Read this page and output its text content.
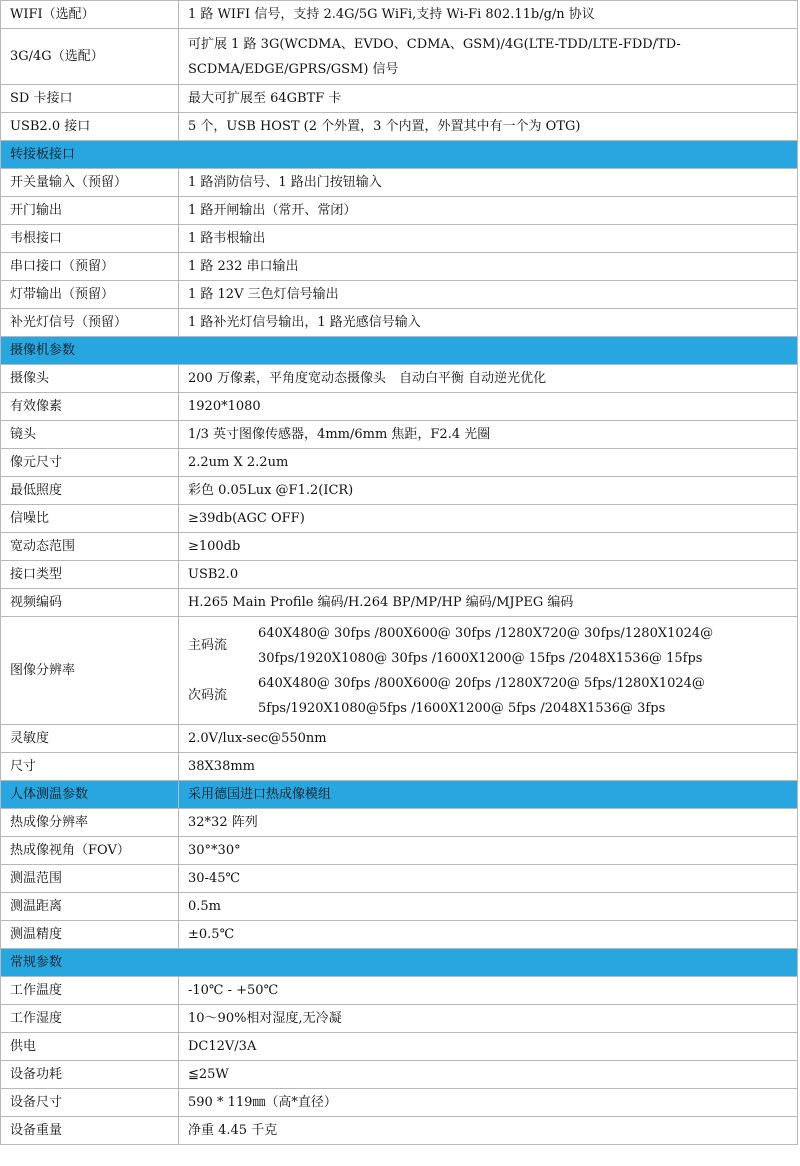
WIFI（选配）	1 路 WIFI 信号，支持 2.4G/5G WiFi,支持 Wi-Fi 802.11b/g/n 协议
3G/4G（选配）	可扩展 1 路 3G(WCDMA、EVDO、CDMA、GSM)/4G(LTE-TDD/LTE-FDD/TD-SCDMA/EDGE/GPRS/GSM) 信号
SD 卡接口	最大可扩展至 64GBTF 卡
USB2.0 接口	5 个，USB HOST (2 个外置，3 个内置，外置其中有一个为 OTG)
转接板接口
开关量输入（预留）	1 路消防信号、1 路出门按钮输入
开门输出	1 路开闸输出（常开、常闭）
韦根接口	1 路韦根输出
串口接口（预留）	1 路 232 串口输出
灯带输出（预留）	1 路 12V 三色灯信号输出
补光灯信号（预留）	1 路补光灯信号输出，1 路光感信号输入
摄像机参数
摄像头	200 万像素，平角度宽动态摄像头　自动白平衡 自动逆光优化
有效像素	1920*1080
镜头	1/3 英寸图像传感器，4mm/6mm 焦距，F2.4 光圈
像元尺寸	2.2um X 2.2um
最低照度	彩色 0.05Lux @F1.2(ICR)
信噪比	≥39db(AGC OFF)
宽动态范围	≥100db
接口类型	USB2.0
视频编码	H.265 Main Profile 编码/H.264 BP/MP/HP 编码/MJPEG 编码
图像分辨率	
主码流	640X480@ 30fps /800X600@ 30fps /1280X720@ 30fps/1280X1024@ 30fps/1920X1080@ 30fps /1600X1200@ 15fps /2048X1536@ 15fps
次码流	640X480@ 30fps /800X600@ 20fps /1280X720@ 5fps/1280X1024@ 5fps/1920X1080@5fps /1600X1200@ 5fps /2048X1536@ 3fps

灵敏度	2.0V/lux-sec@550nm
尺寸	38X38mm
人体测温参数	采用德国进口热成像模组
热成像分辨率	32*32 阵列
热成像视角（FOV）	30°*30°
测温范围	30-45℃
测温距离	0.5m
测温精度	±0.5℃
常规参数
工作温度	-10℃ - +50℃
工作湿度	10～90%相对湿度,无冷凝
供电	DC12V/3A
设备功耗	≦25W
设备尺寸	590 * 119㎜（高*直径）
设备重量	净重 4.45 千克
